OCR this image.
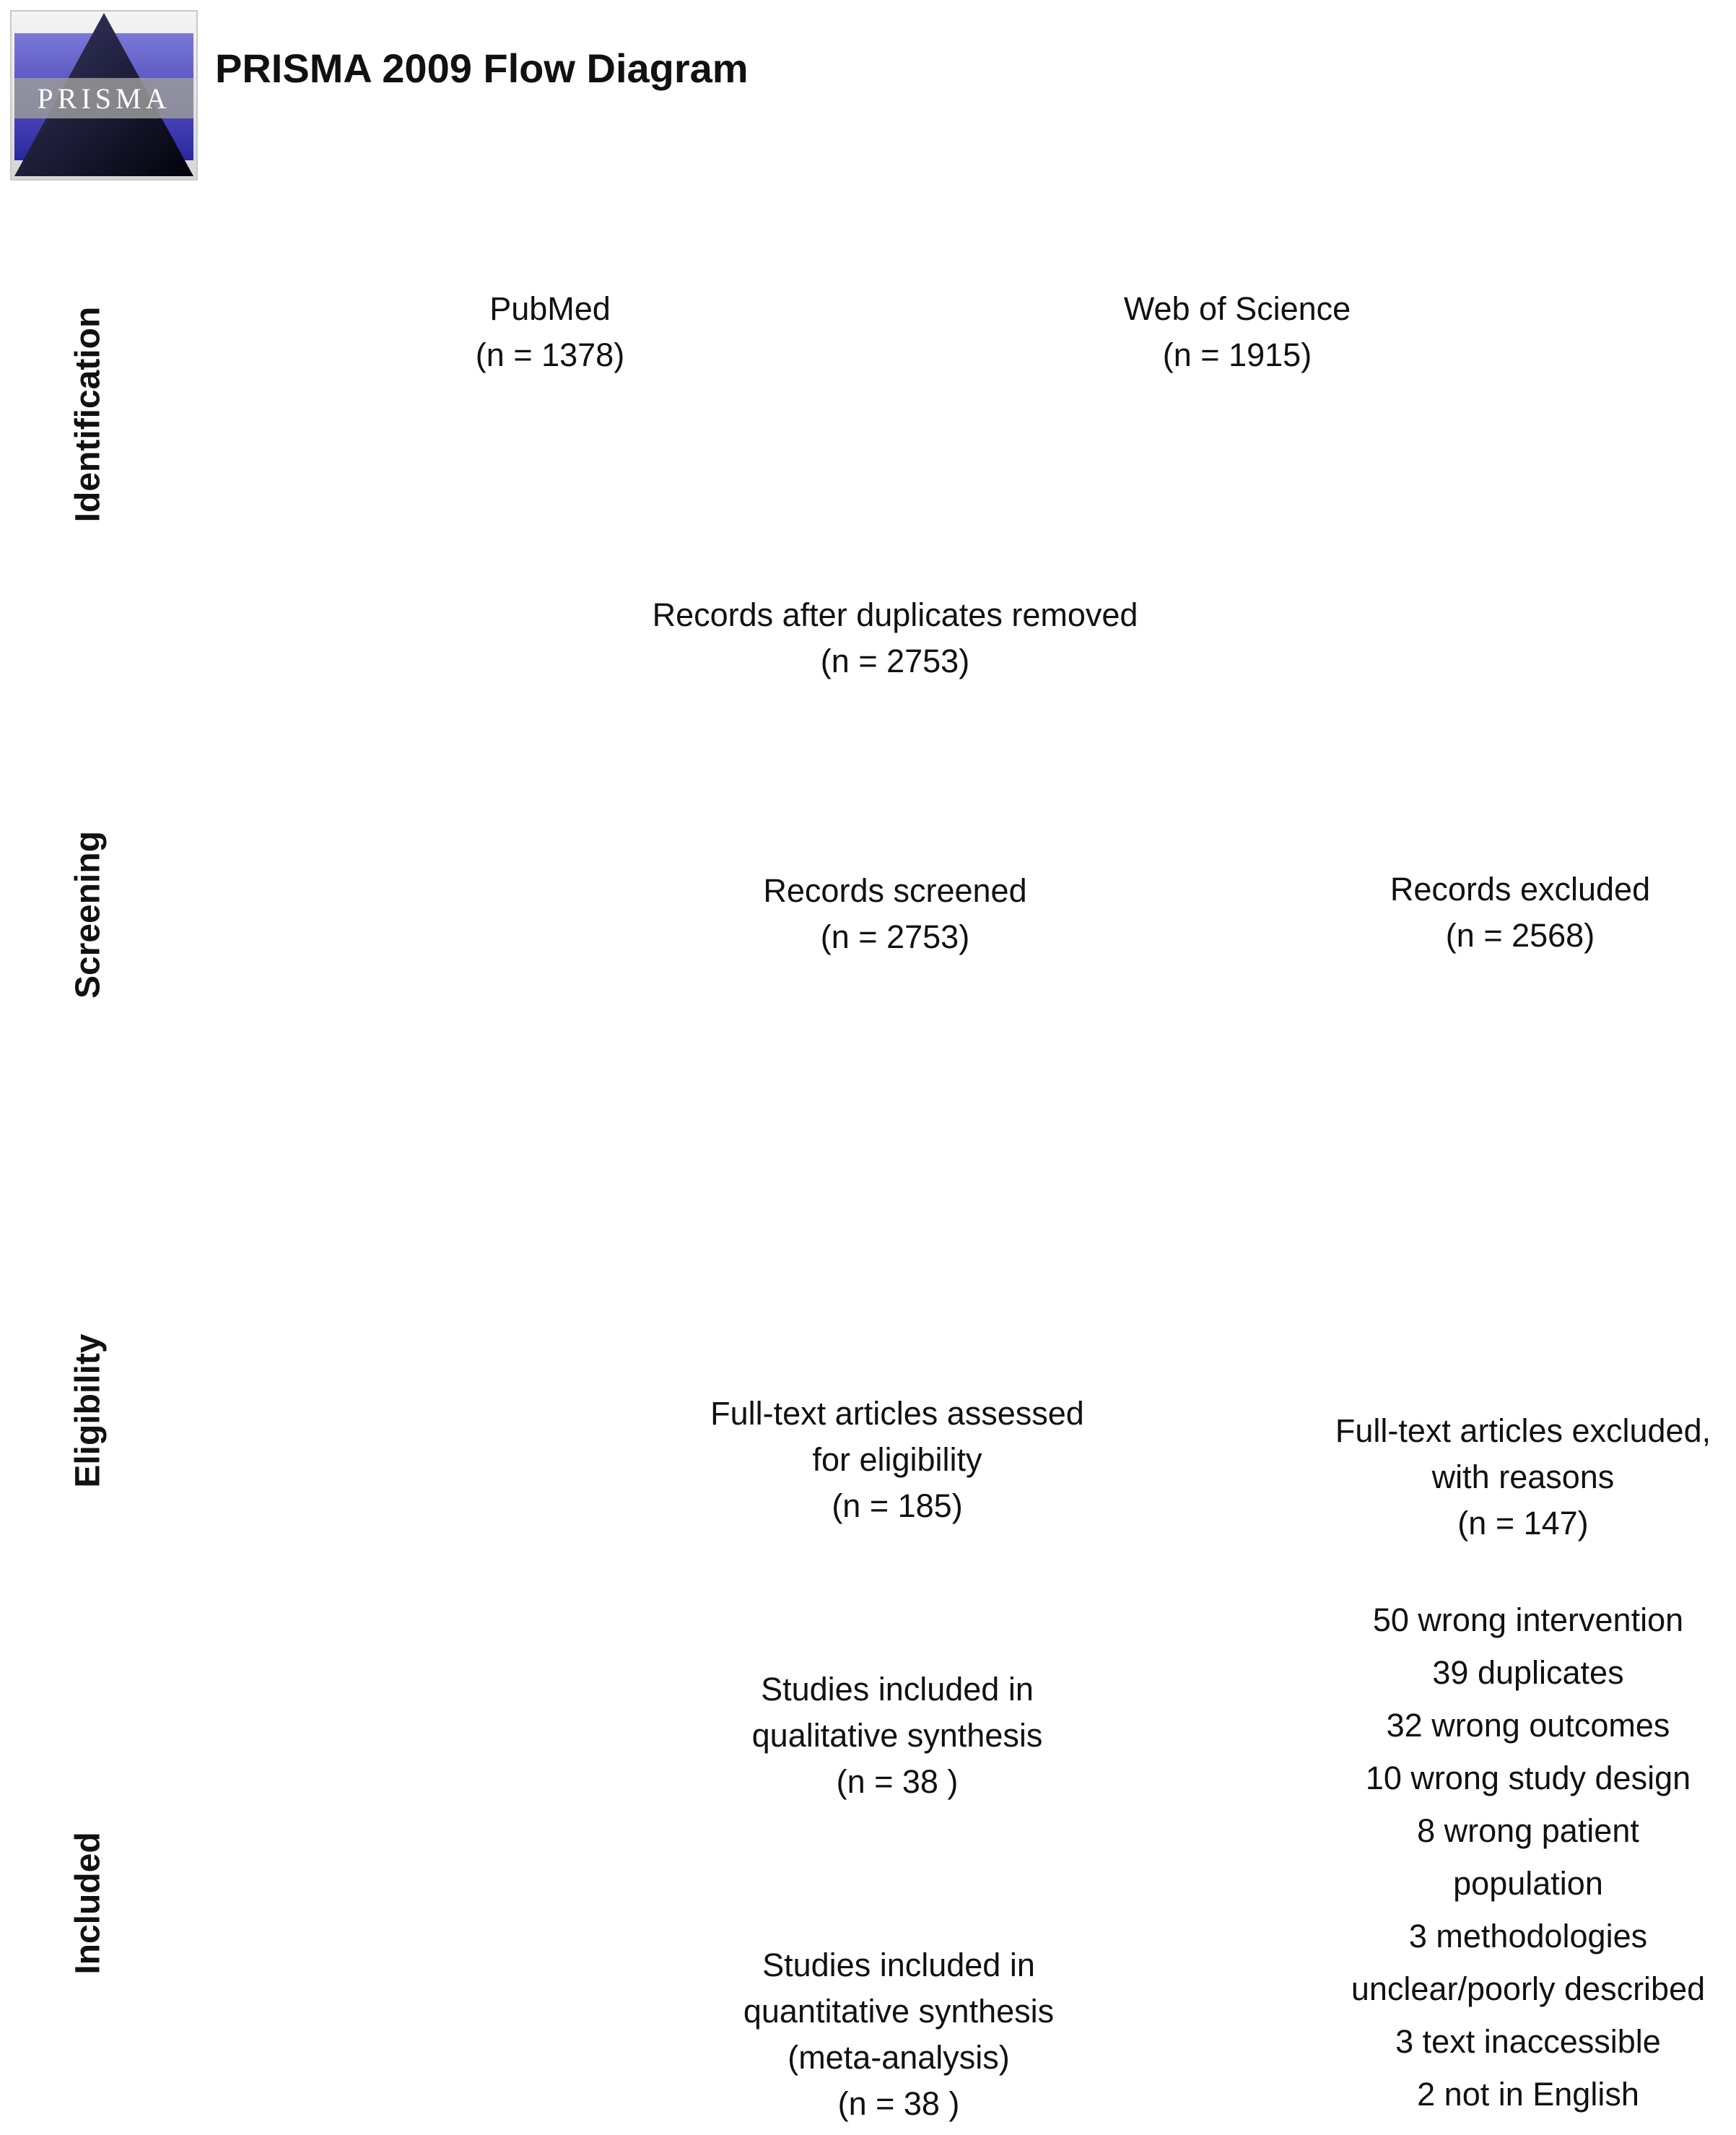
PRISMA
PRISMA 2009 Flow Diagram
Identification
Screening
Eligibility
Included
PubMed
(n = 1378)
Web of Science
(n = 1915)
Records after duplicates removed
(n = 2753)
Records screened
(n = 2753)
Records excluded
(n = 2568)
Full-text articles assessed
for eligibility
(n = 185)
Full-text articles excluded,
with reasons
(n = 147)
Studies included in
qualitative synthesis
(n = 38 )
Studies included in
quantitative synthesis
(meta-analysis)
(n = 38 )
50 wrong intervention
39 duplicates
32 wrong outcomes
10 wrong study design
8 wrong patient
population
3 methodologies
unclear/poorly described
3 text inaccessible
2 not in English
